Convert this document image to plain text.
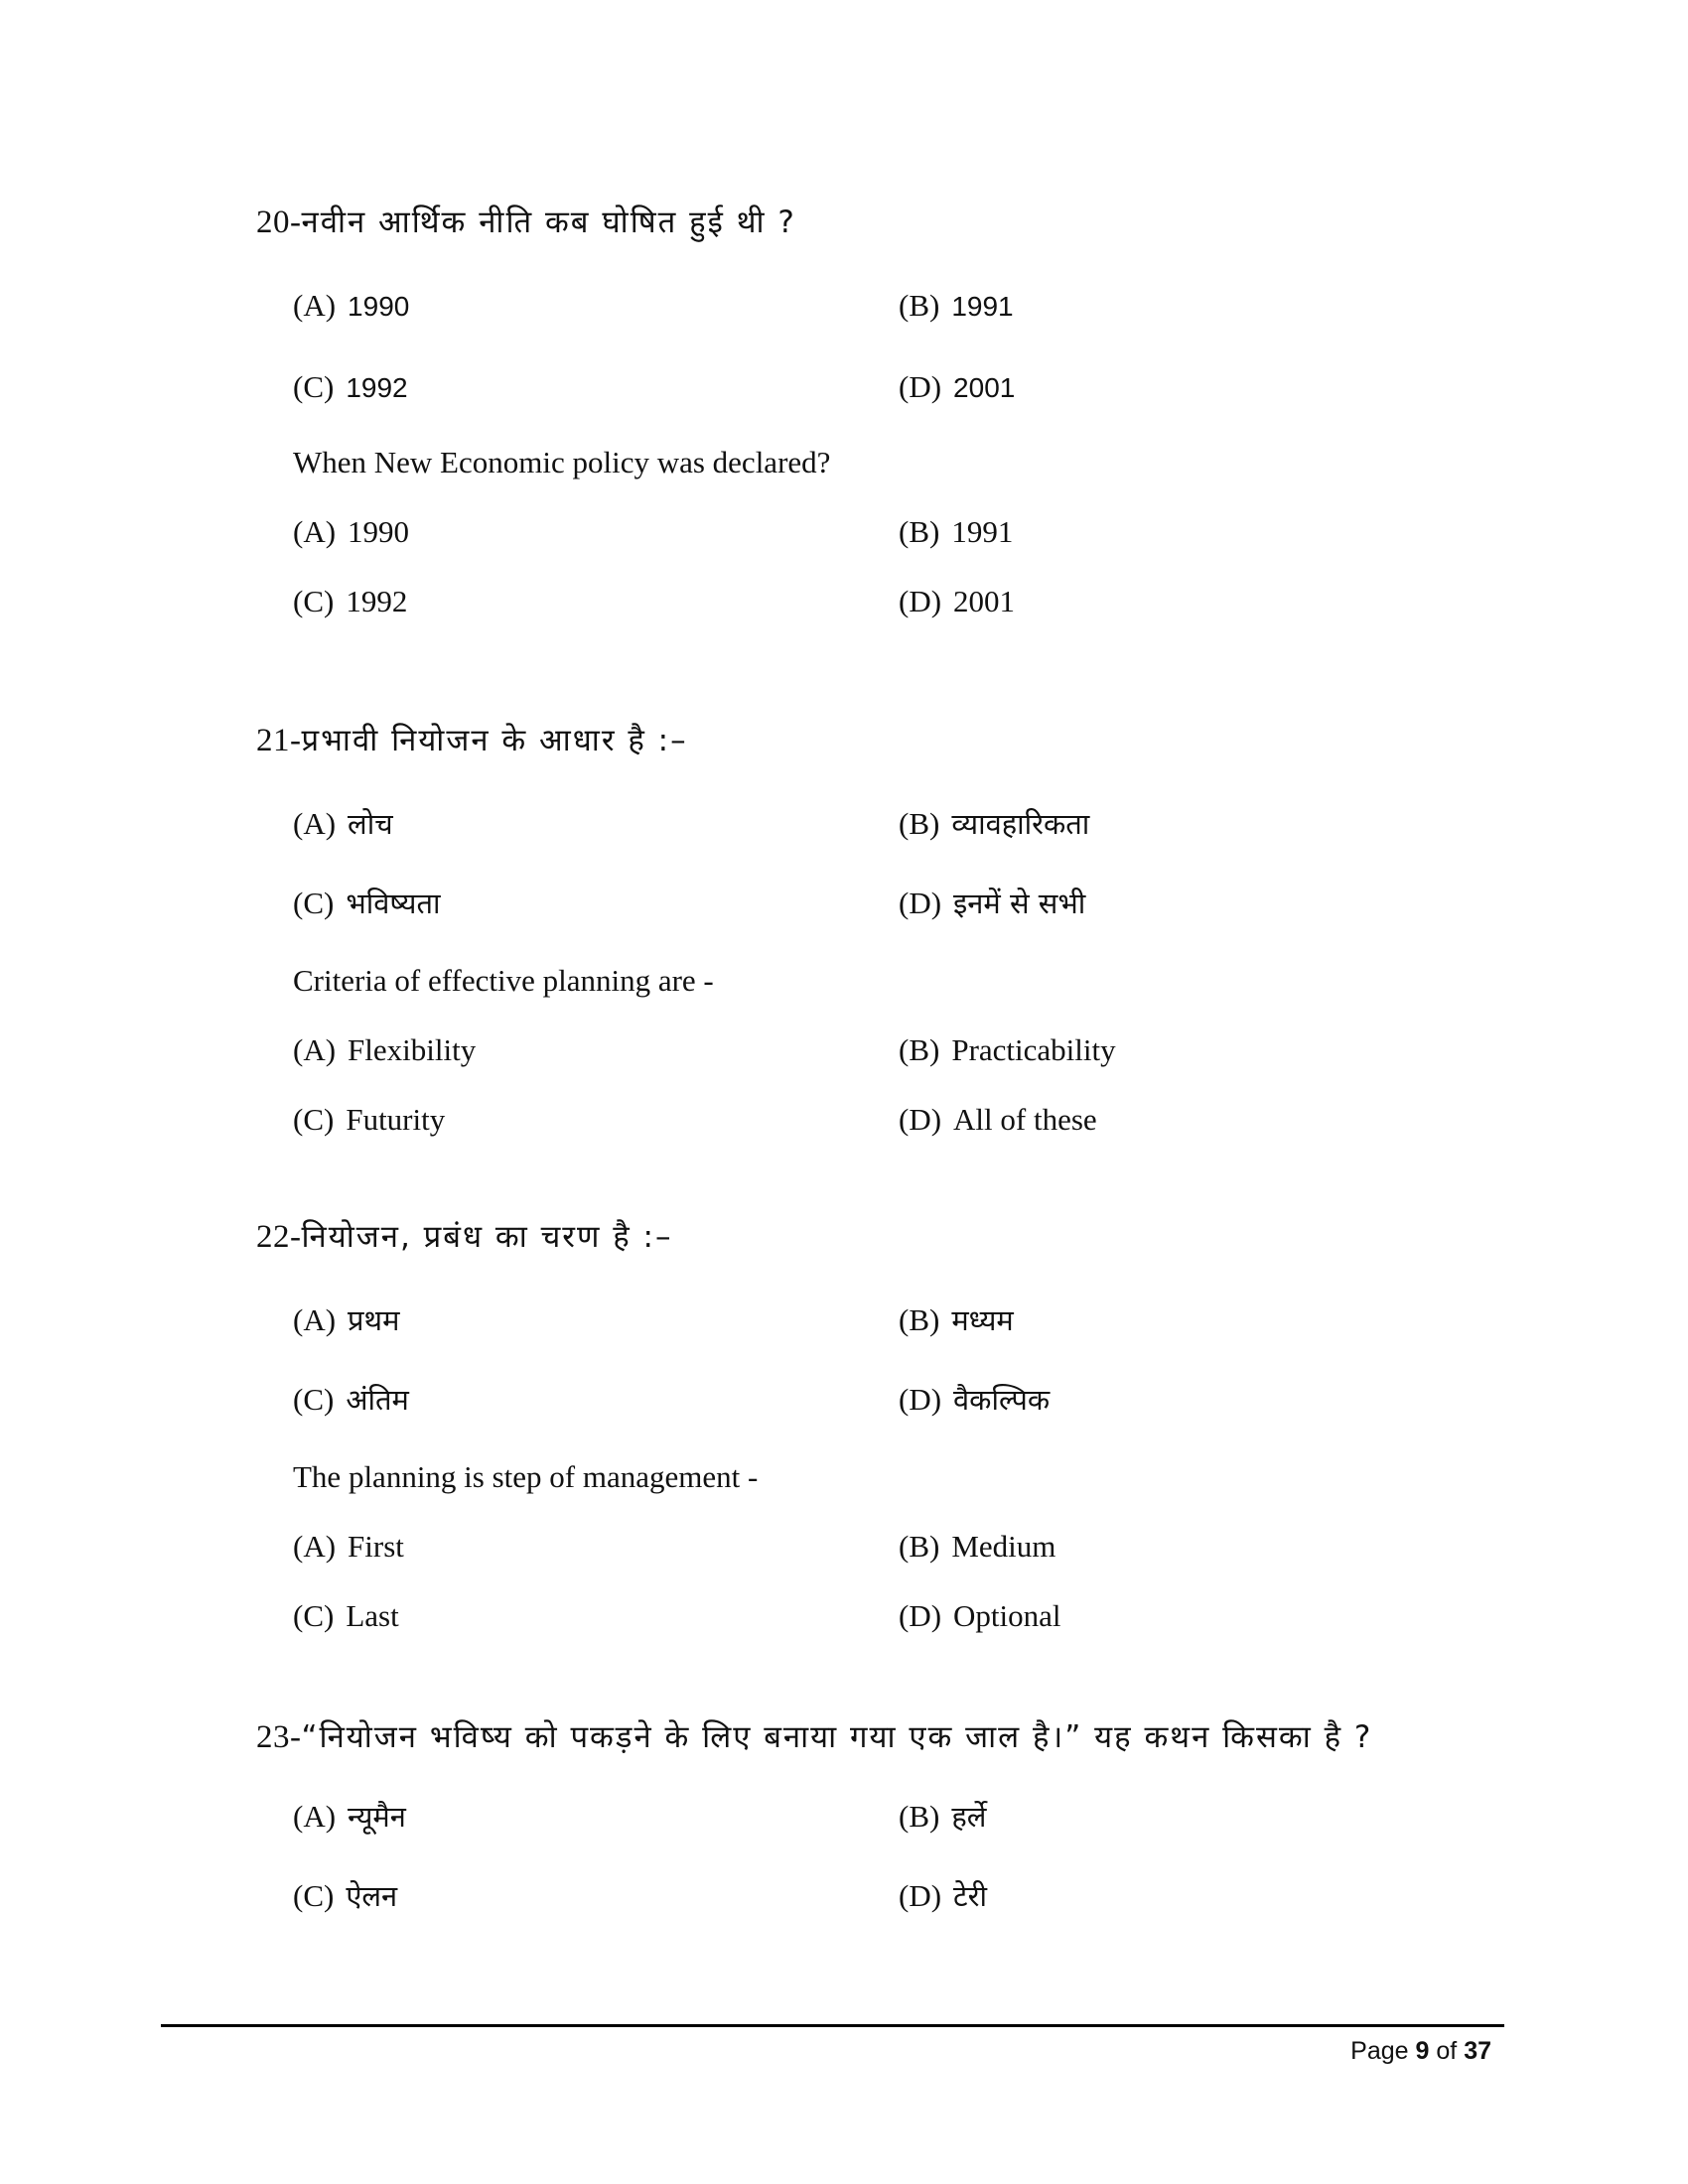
20-नवीन आर्थिक नीति कब घोषित हुई थी ?
(A) 1990	(B) 1991
(C) 1992	(D) 2001
When New Economic policy was declared?
(A) 1990	(B) 1991
(C) 1992	(D) 2001
21-प्रभावी नियोजन के आधार है :–
(A) लोच	(B) व्यावहारिकता
(C) भविष्यता	(D) इनमें से सभी
Criteria of effective planning are -
(A) Flexibility	(B) Practicability
(C) Futurity	(D) All of these
22-नियोजन, प्रबंध का चरण है :–
(A) प्रथम	(B) मध्यम
(C) अंतिम	(D) वैकल्पिक
The planning is step of management -
(A) First	(B) Medium
(C) Last	(D) Optional
23-“नियोजन भविष्य को पकड़ने के लिए बनाया गया एक जाल है।” यह कथन किसका है ?
(A) न्यूमैन	(B) हर्ले
(C) ऐलन	(D) टेरी
Page 9 of 37
